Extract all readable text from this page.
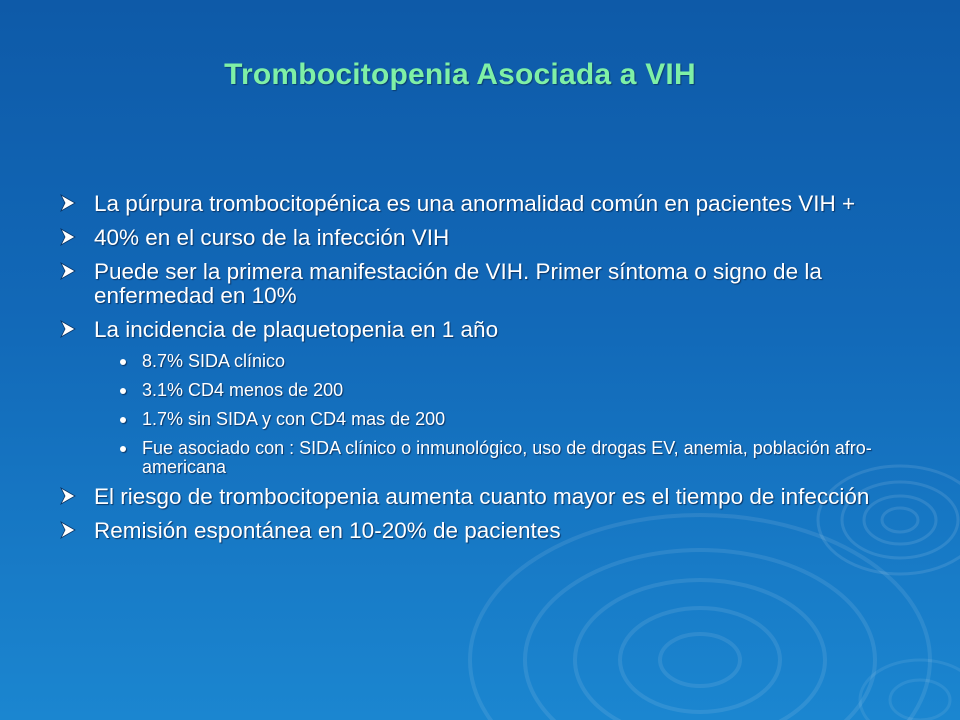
Trombocitopenia Asociada a VIH
La púrpura trombocitopénica es una anormalidad común en pacientes VIH +
40% en el curso de la infección VIH
Puede ser la primera manifestación de VIH. Primer síntoma o signo de la enfermedad en 10%
La incidencia de plaquetopenia en 1 año
8.7% SIDA clínico
3.1% CD4 menos de 200
1.7% sin SIDA y con CD4 mas de 200
Fue asociado con : SIDA clínico o inmunológico, uso de drogas EV, anemia, población afro-americana
El riesgo de trombocitopenia aumenta cuanto mayor es el tiempo de infección
Remisión espontánea en 10-20% de pacientes
